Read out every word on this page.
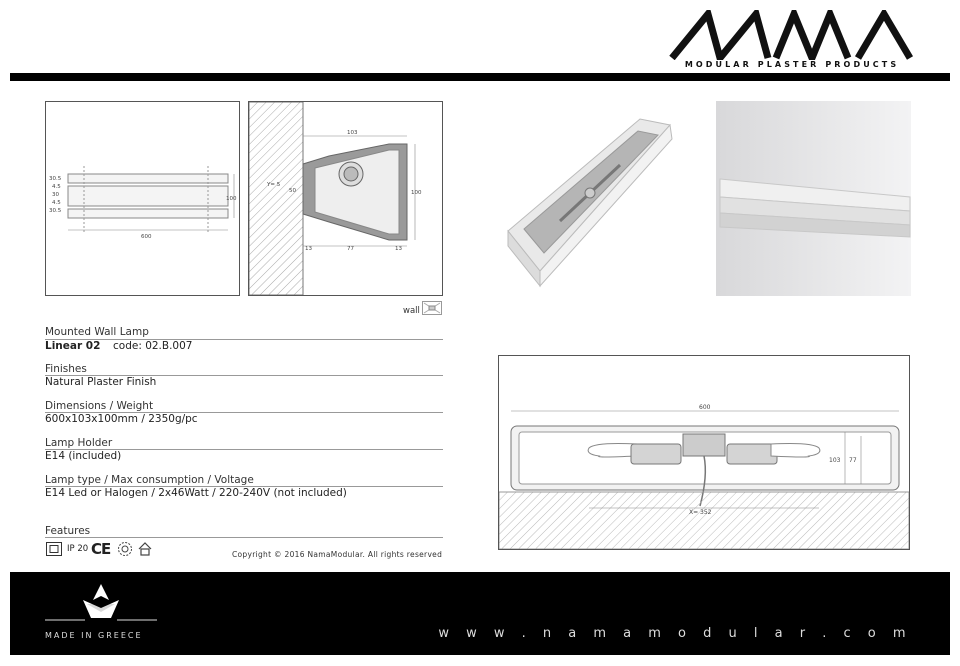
MODULAR PLASTER PRODUCTS
30.5
4.5
30
4.5
30.5
100
600
103
100
13	77	13
Y= 5
50
wall
Mounted Wall Lamp
Linear 02 code: 02.B.007
Finishes
Natural Plaster Finish
Dimensions / Weight
600x103x100mm / 2350g/pc
Lamp Holder
E14 (included)
Lamp type / Max consumption / Voltage
E14 Led or Halogen / 2x46Watt / 220-240V (not included)
Features
IP 20 CE	Copyright © 2016 NamaModular. All rights reserved
600
X= 352
103 77
MADE IN GREECE	w w w . n a m a m o d u l a r . c o m
